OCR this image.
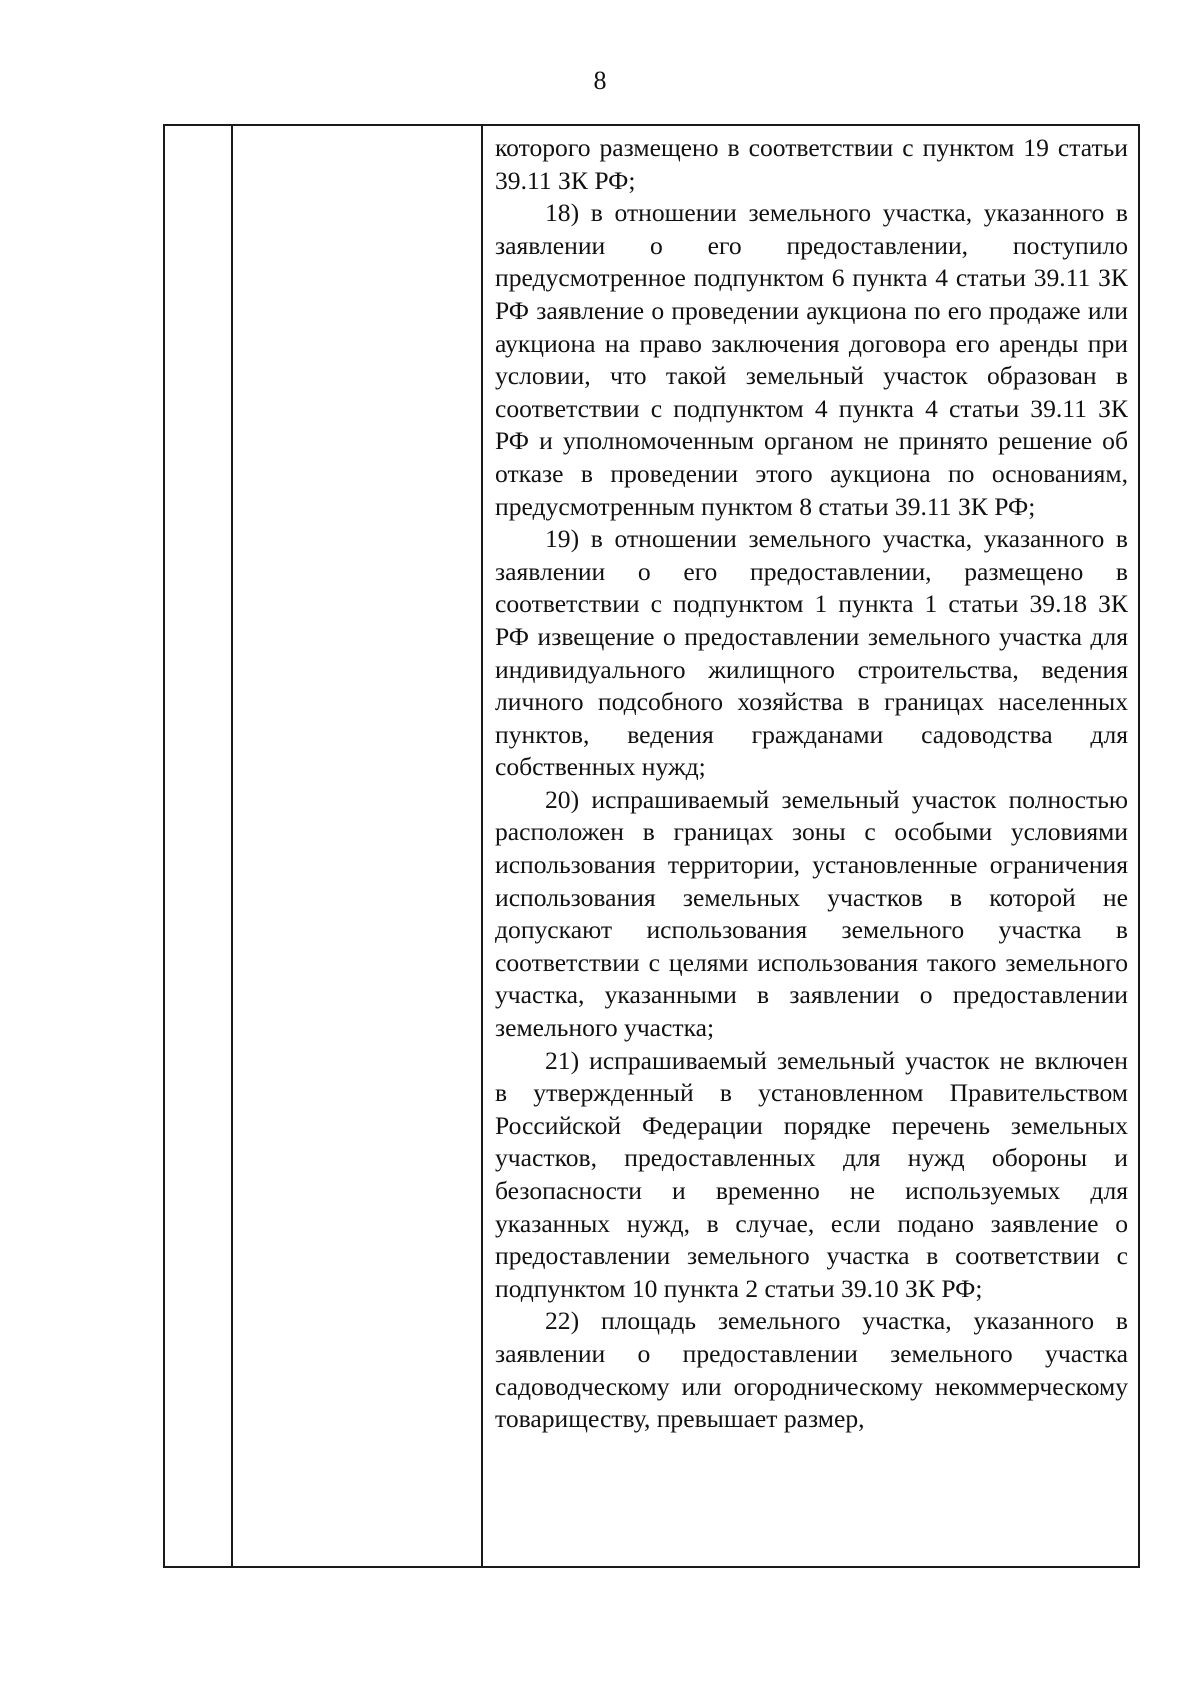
8

которого размещено в соответствии с пунктом 19 статьи 39.11 ЗК РФ;

18) в отношении земельного участка, указанного в заявлении о его предоставлении, поступило предусмотренное подпунктом 6 пункта 4 статьи 39.11 ЗК РФ заявление о проведении аукциона по его продаже или аукциона на право заключения договора его аренды при условии, что такой земельный участок образован в соответствии с подпунктом 4 пункта 4 статьи 39.11 ЗК РФ и уполномоченным органом не принято решение об отказе в проведении этого аукциона по основаниям, предусмотренным пунктом 8 статьи 39.11 ЗК РФ;

19) в отношении земельного участка, указанного в заявлении о его предоставлении, размещено в соответствии с подпунктом 1 пункта 1 статьи 39.18 ЗК РФ извещение о предоставлении земельного участка для индивидуального жилищного строительства, ведения личного подсобного хозяйства в границах населенных пунктов, ведения гражданами садоводства для собственных нужд;

20) испрашиваемый земельный участок полностью расположен в границах зоны с особыми условиями использования территории, установленные ограничения использования земельных участков в которой не допускают использования земельного участка в соответствии с целями использования такого земельного участка, указанными в заявлении о предоставлении земельного участка;

21) испрашиваемый земельный участок не включен в утвержденный в установленном Правительством Российской Федерации порядке перечень земельных участков, предоставленных для нужд обороны и безопасности и временно не используемых для указанных нужд, в случае, если подано заявление о предоставлении земельного участка в соответствии с подпунктом 10 пункта 2 статьи 39.10 ЗК РФ;

22) площадь земельного участка, указанного в заявлении о предоставлении земельного участка садоводческому или огородническому некоммерческому товариществу, превышает размер,
